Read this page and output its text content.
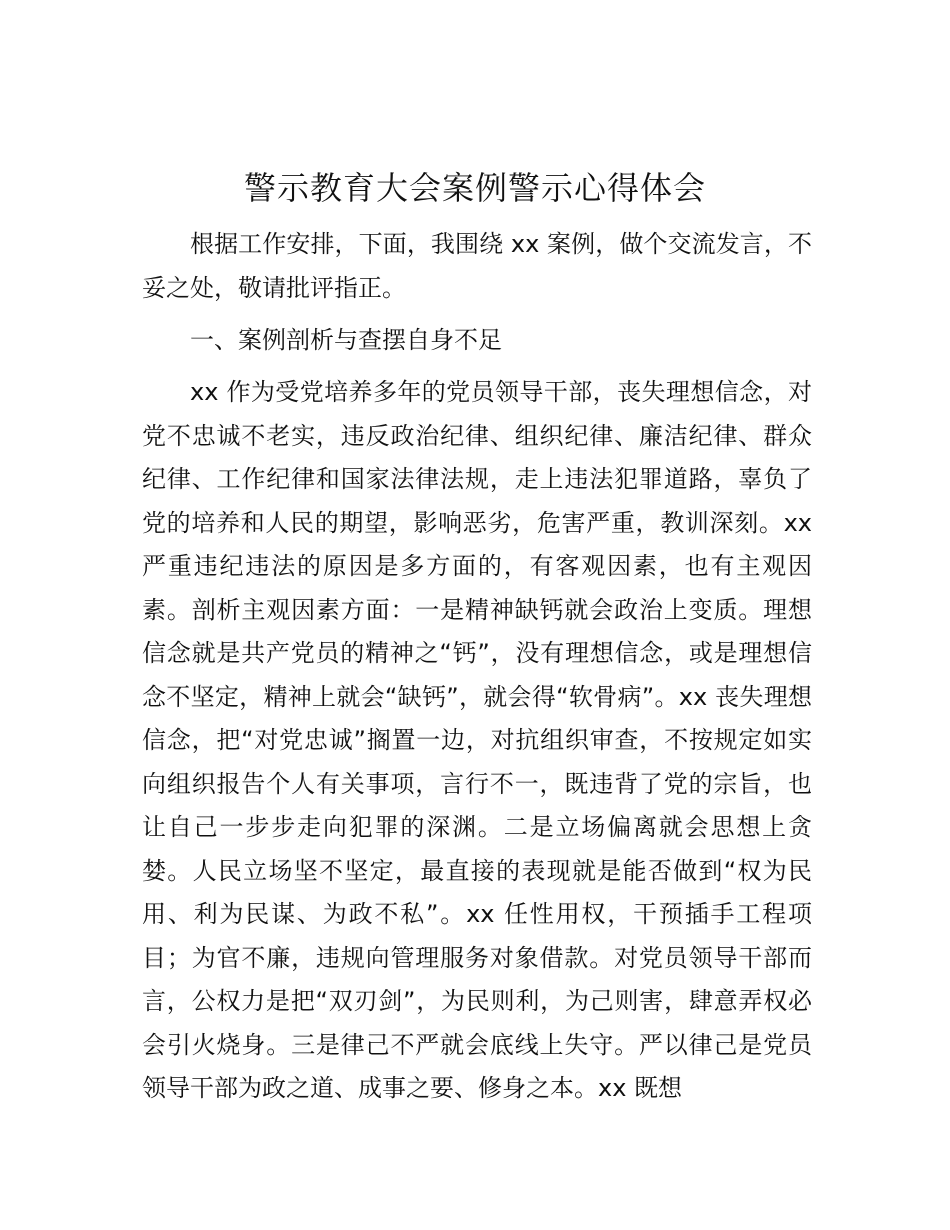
警示教育大会案例警示心得体会

根据工作安排，下面，我围绕 xx 案例，做个交流发言，不妥之处，敬请批评指正。

一、案例剖析与查摆自身不足

xx 作为受党培养多年的党员领导干部，丧失理想信念，对党不忠诚不老实，违反政治纪律、组织纪律、廉洁纪律、群众纪律、工作纪律和国家法律法规，走上违法犯罪道路，辜负了党的培养和人民的期望，影响恶劣，危害严重，教训深刻。xx 严重违纪违法的原因是多方面的，有客观因素，也有主观因素。剖析主观因素方面：一是精神缺钙就会政治上变质。理想信念就是共产党员的精神之“钙”，没有理想信念，或是理想信念不坚定，精神上就会“缺钙”，就会得“软骨病”。xx 丧失理想信念，把“对党忠诚”搁置一边，对抗组织审查，不按规定如实向组织报告个人有关事项，言行不一，既违背了党的宗旨，也让自己一步步走向犯罪的深渊。二是立场偏离就会思想上贪婪。人民立场坚不坚定，最直接的表现就是能否做到“权为民用、利为民谋、为政不私”。xx 任性用权，干预插手工程项目；为官不廉，违规向管理服务对象借款。对党员领导干部而言，公权力是把“双刃剑”，为民则利，为己则害，肆意弄权必会引火烧身。三是律己不严就会底线上失守。严以律己是党员领导干部为政之道、成事之要、修身之本。xx 既想
